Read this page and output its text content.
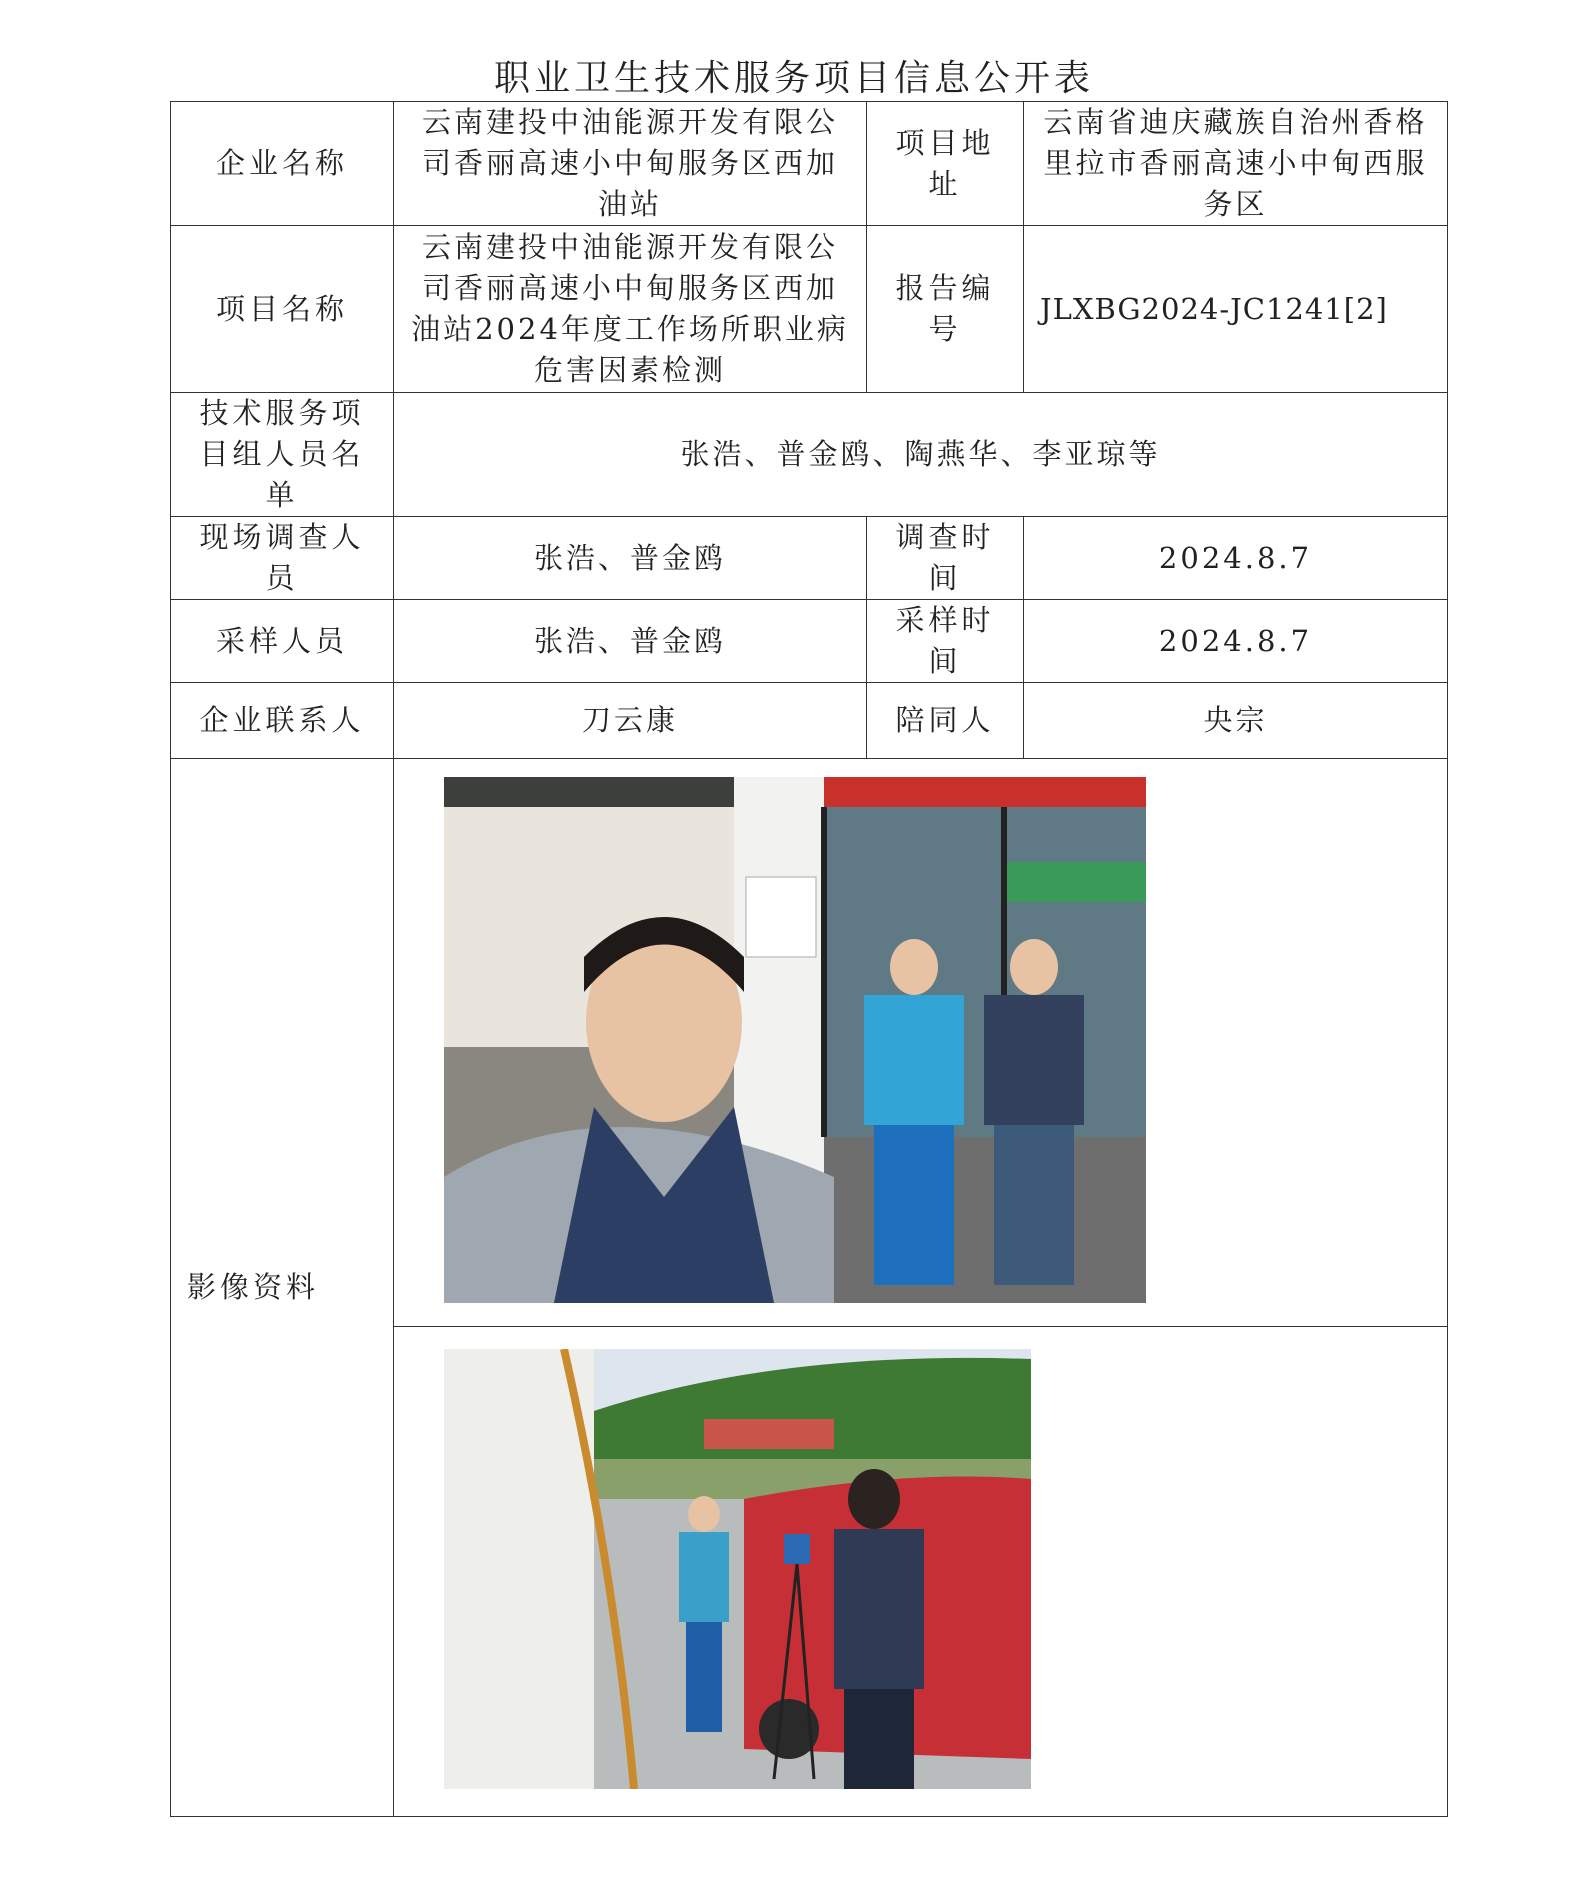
职业卫生技术服务项目信息公开表
企业名称	云南建投中油能源开发有限公司香丽高速小中甸服务区西加油站	项目地址	云南省迪庆藏族自治州香格里拉市香丽高速小中甸西服务区
项目名称	云南建投中油能源开发有限公司香丽高速小中甸服务区西加油站2024年度工作场所职业病危害因素检测	报告编号	JLXBG2024-JC1241[2]
技术服务项目组人员名单	张浩、普金鸥、陶燕华、李亚琼等		
现场调查人员	张浩、普金鸥	调查时间	2024.8.7
采样人员	张浩、普金鸥	采样时间	2024.8.7
企业联系人	刀云康	陪同人	央宗
影像资料	
